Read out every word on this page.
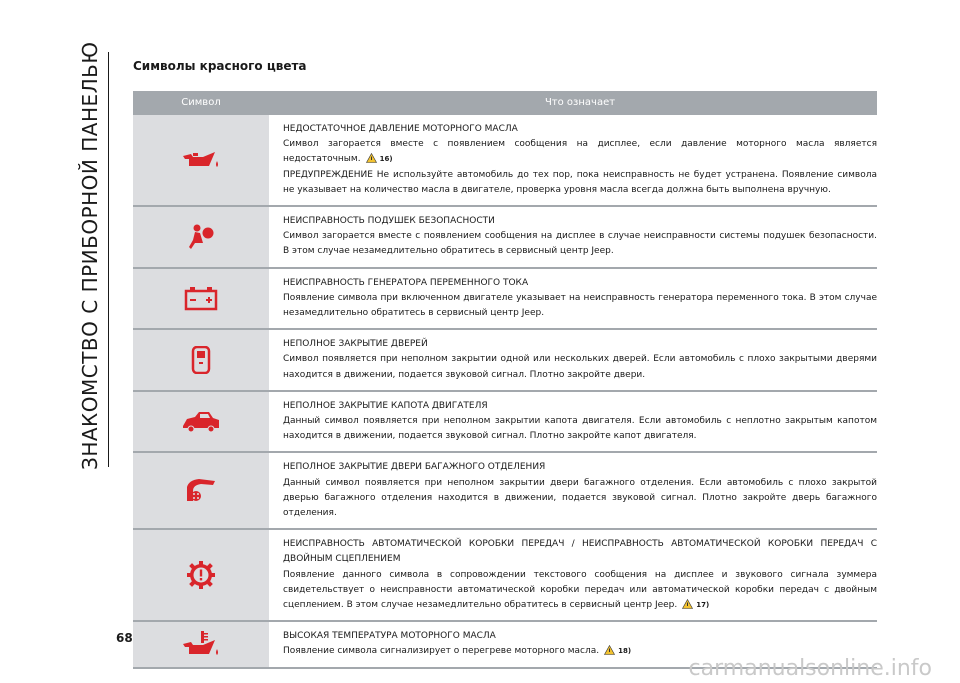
ЗНАКОМСТВО С ПРИБОРНОЙ ПАНЕЛЬЮ	Символы красного цвета
Символ	Что означает
НЕДОСТАТОЧНОЕ ДАВЛЕНИЕ МОТОРНОГО МАСЛА
Символ загорается вместе с появлением сообщения на дисплее, если давление моторного масла является недостаточным.	16)
ПРЕДУПРЕЖДЕНИЕ Не используйте автомобиль до тех пор, пока неисправность не будет устранена. Появление символа не указывает на количество масла в двигателе, проверка уровня масла всегда должна быть выполнена вручную.
НЕИСПРАВНОСТЬ ПОДУШЕК БЕЗОПАСНОСТИ
Символ загорается вместе с появлением сообщения на дисплее в случае неисправности системы подушек безопасности. В этом случае незамедлительно обратитесь в сервисный центр Jeep.
НЕИСПРАВНОСТЬ ГЕНЕРАТОРА ПЕРЕМЕННОГО ТОКА
Появление символа при включенном двигателе указывает на неисправность генератора переменного тока. В этом случае незамедлительно обратитесь в сервисный центр Jeep.
НЕПОЛНОЕ ЗАКРЫТИЕ ДВЕРЕЙ
Символ появляется при неполном закрытии одной или нескольких дверей. Если автомобиль с плохо закрытыми дверями находится в движении, подается звуковой сигнал. Плотно закройте двери.
НЕПОЛНОЕ ЗАКРЫТИЕ КАПОТА ДВИГАТЕЛЯ
Данный символ появляется при неполном закрытии капота двигателя. Если автомобиль с неплотно закрытым капотом находится в движении, подается звуковой сигнал. Плотно закройте капот двигателя.
НЕПОЛНОЕ ЗАКРЫТИЕ ДВЕРИ БАГАЖНОГО ОТДЕЛЕНИЯ
Данный символ появляется при неполном закрытии двери багажного отделения. Если автомобиль с плохо закрытой дверью багажного отделения находится в движении, подается звуковой сигнал. Плотно закройте дверь багажного отделения.
НЕИСПРАВНОСТЬ АВТОМАТИЧЕСКОЙ КОРОБКИ ПЕРЕДАЧ / НЕИСПРАВНОСТЬ АВТОМАТИЧЕСКОЙ КОРОБКИ ПЕРЕДАЧ С ДВОЙНЫМ СЦЕПЛЕНИЕМ
Появление данного символа в сопровождении текстового сообщения на дисплее и звукового сигнала зуммера свидетельствует о неисправности автоматической коробки передач или автоматической коробки передач с двойным сцеплением. В этом случае незамедлительно обратитесь в сервисный центр Jeep.	17)
ВЫСОКАЯ ТЕМПЕРАТУРА МОТОРНОГО МАСЛА
Появление символа сигнализирует о перегреве моторного масла.	18)
68
carmanualsonline.info
